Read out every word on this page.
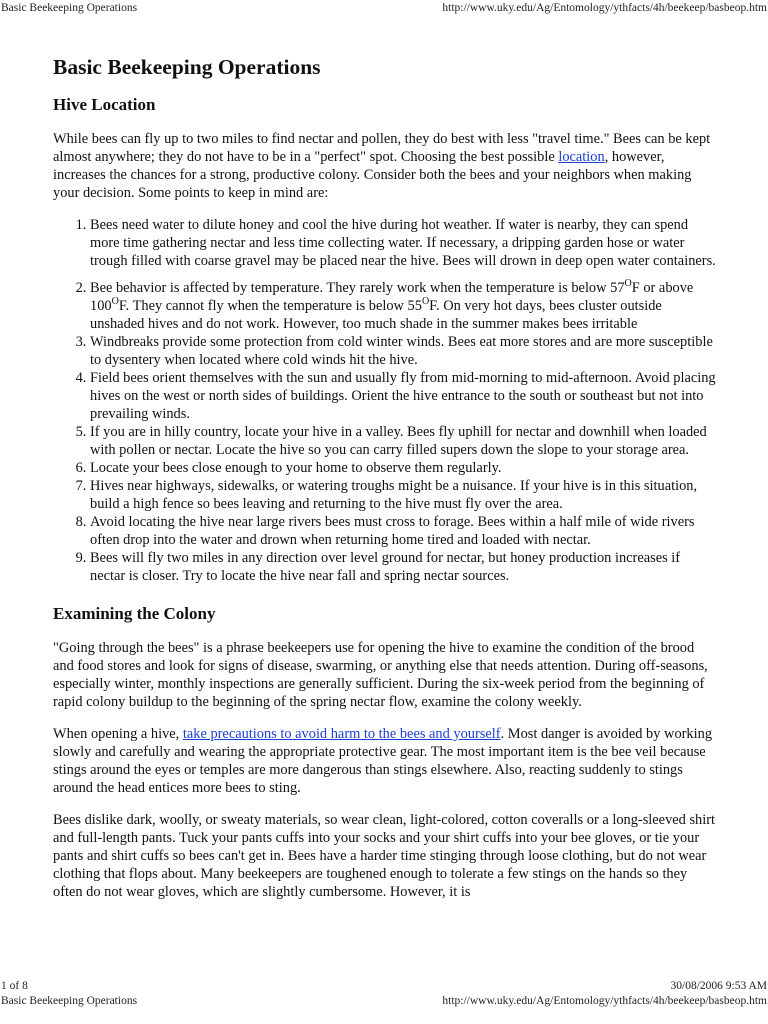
Basic Beekeeping Operations	http://www.uky.edu/Ag/Entomology/ythfacts/4h/beekeep/basbeop.htm
Basic Beekeeping Operations
Hive Location

While bees can fly up to two miles to find nectar and pollen, they do best with less "travel time." Bees can be kept almost anywhere; they do not have to be in a "perfect" spot. Choosing the best possible location, however, increases the chances for a strong, productive colony. Consider both the bees and your neighbors when making your decision. Some points to keep in mind are:

1. Bees need water to dilute honey and cool the hive during hot weather. If water is nearby, they can spend more time gathering nectar and less time collecting water. If necessary, a dripping garden hose or water trough filled with coarse gravel may be placed near the hive. Bees will drown in deep open water containers.
2. Bee behavior is affected by temperature. They rarely work when the temperature is below $57^OF$ or above $100^OF$. They cannot fly when the temperature is below $55^OF$. On very hot days, bees cluster outside unshaded hives and do not work. However, too much shade in the summer makes bees irritable
3. Windbreaks provide some protection from cold winter winds. Bees eat more stores and are more susceptible to dysentery when located where cold winds hit the hive.
4. Field bees orient themselves with the sun and usually fly from mid-morning to mid-afternoon. Avoid placing hives on the west or north sides of buildings. Orient the hive entrance to the south or southeast but not into prevailing winds.
5. If you are in hilly country, locate your hive in a valley. Bees fly uphill for nectar and downhill when loaded with pollen or nectar. Locate the hive so you can carry filled supers down the slope to your storage area.
6. Locate your bees close enough to your home to observe them regularly.
7. Hives near highways, sidewalks, or watering troughs might be a nuisance. If your hive is in this situation, build a high fence so bees leaving and returning to the hive must fly over the area.
8. Avoid locating the hive near large rivers bees must cross to forage. Bees within a half mile of wide rivers often drop into the water and drown when returning home tired and loaded with nectar.
9. Bees will fly two miles in any direction over level ground for nectar, but honey production increases if nectar is closer. Try to locate the hive near fall and spring nectar sources.
Examining the Colony

"Going through the bees" is a phrase beekeepers use for opening the hive to examine the condition of the brood and food stores and look for signs of disease, swarming, or anything else that needs attention. During off-seasons, especially winter, monthly inspections are generally sufficient. During the six-week period from the beginning of rapid colony buildup to the beginning of the spring nectar flow, examine the colony weekly.

When opening a hive, take precautions to avoid harm to the bees and yourself. Most danger is avoided by working slowly and carefully and wearing the appropriate protective gear. The most important item is the bee veil because stings around the eyes or temples are more dangerous than stings elsewhere. Also, reacting suddenly to stings around the head entices more bees to sting.

Bees dislike dark, woolly, or sweaty materials, so wear clean, light-colored, cotton coveralls or a long-sleeved shirt and full-length pants. Tuck your pants cuffs into your socks and your shirt cuffs into your bee gloves, or tie your pants and shirt cuffs so bees can't get in. Bees have a harder time stinging through loose clothing, but do not wear clothing that flops about. Many beekeepers are toughened enough to tolerate a few stings on the hands so they often do not wear gloves, which are slightly cumbersome. However, it is

1 of 8	30/08/2006 9:53 AM
Basic Beekeeping Operations	http://www.uky.edu/Ag/Entomology/ythfacts/4h/beekeep/basbeop.htm
